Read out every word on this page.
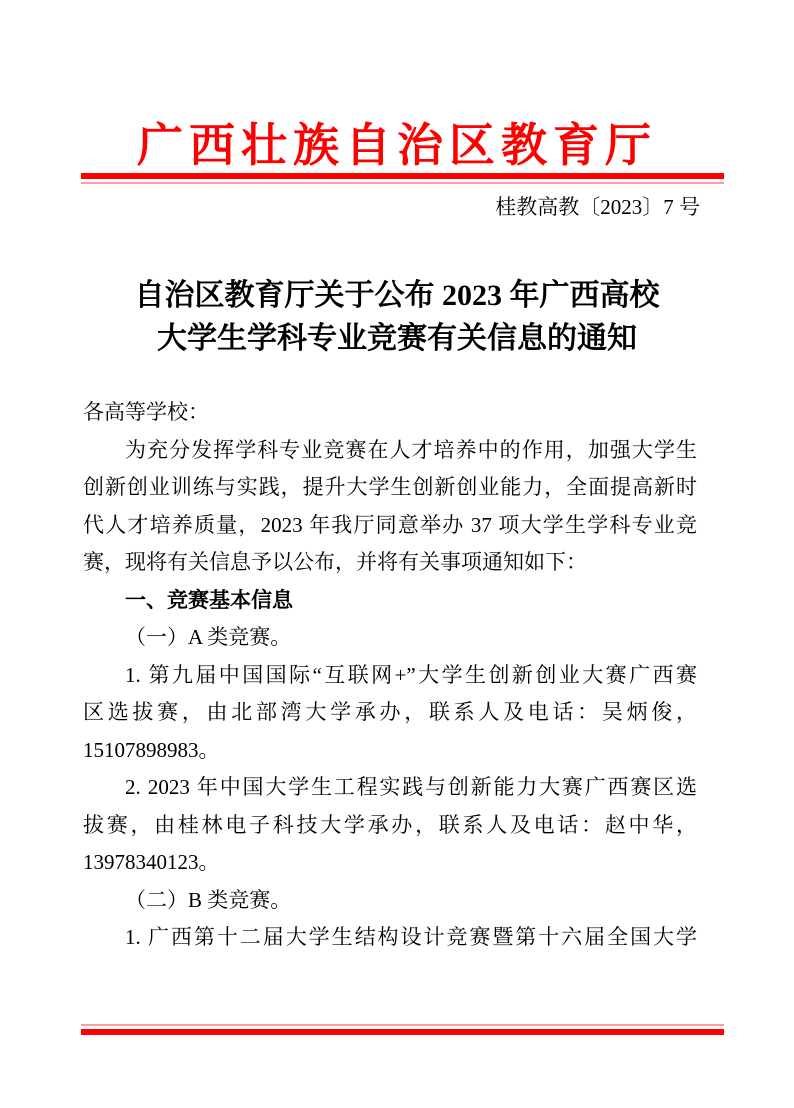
广西壮族自治区教育厅
桂教高教〔2023〕7 号
自治区教育厅关于公布 2023 年广西高校
大学生学科专业竞赛有关信息的通知
各高等学校：
为充分发挥学科专业竞赛在人才培养中的作用，加强大学生
创新创业训练与实践，提升大学生创新创业能力，全面提高新时
代人才培养质量，2023 年我厅同意举办 37 项大学生学科专业竞
赛，现将有关信息予以公布，并将有关事项通知如下：
一、竞赛基本信息
（一）A 类竞赛。
1. 第九届中国国际“互联网+”大学生创新创业大赛广西赛
区选拔赛，由北部湾大学承办，联系人及电话：吴炳俊，
15107898983。
2. 2023 年中国大学生工程实践与创新能力大赛广西赛区选
拔赛，由桂林电子科技大学承办，联系人及电话：赵中华，
13978340123。
（二）B 类竞赛。
1. 广西第十二届大学生结构设计竞赛暨第十六届全国大学
